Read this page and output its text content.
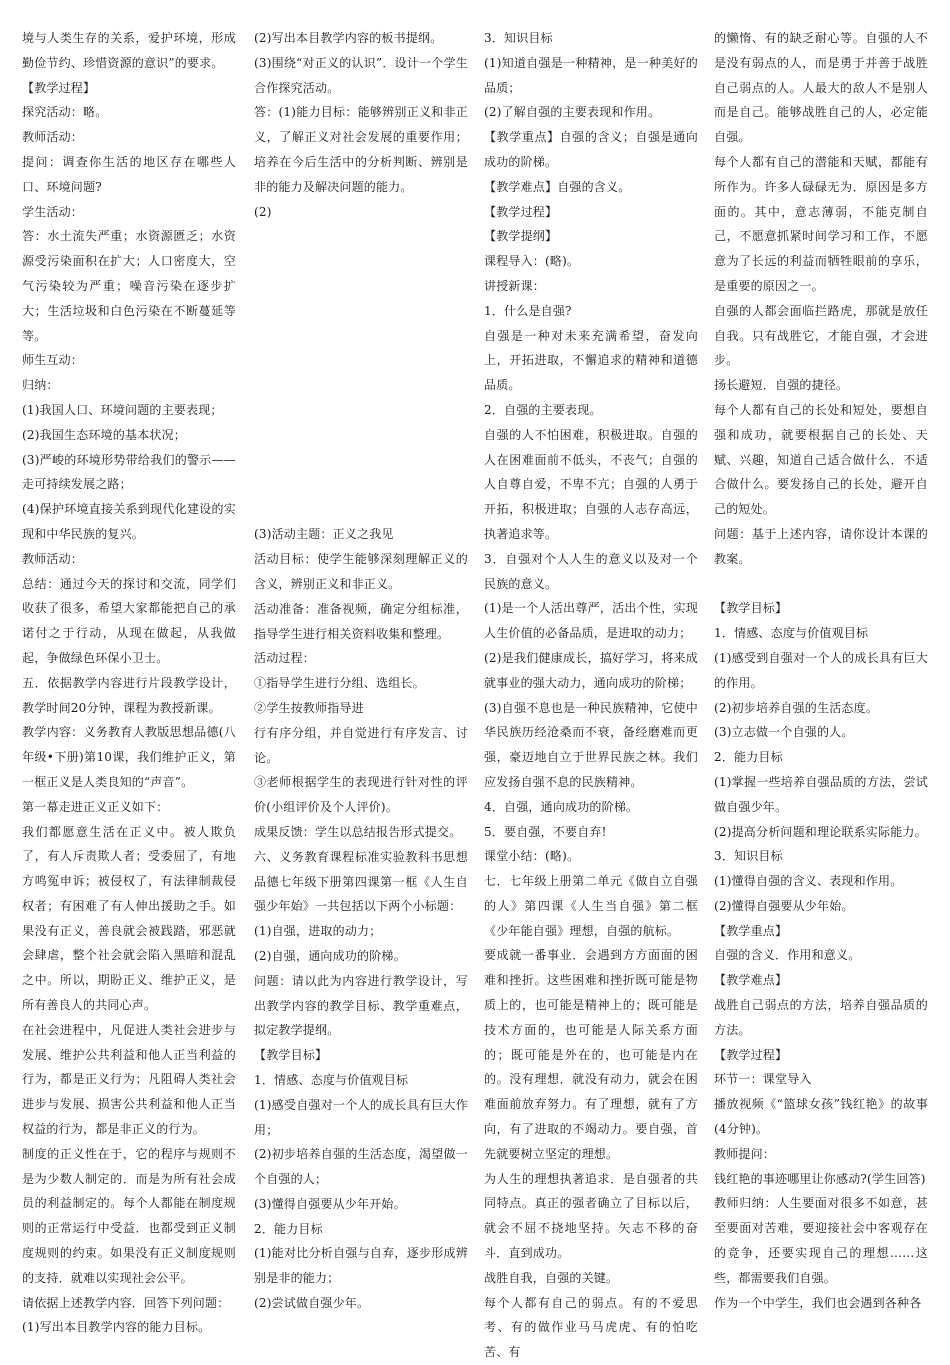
境与人类生存的关系，爱护环境，形成勤俭节约、珍惜资源的意识”的要求。

【教学过程】

探究活动：略。

教师活动：

提问：调查你生活的地区存在哪些人口、环境问题?

学生活动：

答：水土流失严重；水资源匮乏；水资源受污染面积在扩大；人口密度大，空气污染较为严重；噪音污染在逐步扩大；生活垃圾和白色污染在不断蔓延等等。

师生互动：

归纳：

(1)我国人口、环境问题的主要表现；

(2)我国生态环境的基本状况；

(3)严峻的环境形势带给我们的警示——走可持续发展之路；

(4)保护环境直接关系到现代化建设的实现和中华民族的复兴。

教师活动：

总结：通过今天的探讨和交流，同学们收获了很多，希望大家都能把自己的承诺付之于行动，从现在做起，从我做起，争做绿色环保小卫士。

五．依据教学内容进行片段教学设计，教学时间20分钟，课程为教授新课。

教学内容：义务教育人教版思想品德(八年级•下册)第10课，我们维护正义，第一框正义是人类良知的“声音”。

第一幕走进正义正义如下：

我们都愿意生活在正义中。被人欺负了，有人斥责欺人者；受委屈了，有地方鸣冤申诉；被侵权了，有法律制裁侵权者；有困难了有人伸出援助之手。如果没有正义，善良就会被践踏，邪恶就会肆虐，整个社会就会陷入黑暗和混乱之中。所以，期盼正义、维护正义，是所有善良人的共同心声。

在社会进程中，凡促进人类社会进步与发展、维护公共利益和他人正当利益的行为，都是正义行为；凡阻碍人类社会进步与发展、损害公共利益和他人正当权益的行为，都是非正义的行为。

制度的正义性在于，它的程序与规则不是为少数人制定的．而是为所有社会成员的利益制定的。每个人都能在制度规则的正常运行中受益．也都受到正义制度规则的约束。如果没有正义制度规则的支持．就难以实现社会公平。

请依据上述教学内容．回答下列问题：

(1)写出本目教学内容的能力目标。

(2)写出本目教学内容的板书提纲。

(3)围绕“对正义的认识”．设计一个学生合作探究活动。

答：(1)能力目标：能够辨别正义和非正义，了解正义对社会发展的重要作用；培养在今后生活中的分析判断、辨别是非的能力及解决问题的能力。

(2)

(3)活动主题：正义之我见

活动目标：使学生能够深刻理解正义的含义，辨别正义和非正义。

活动准备：准备视频，确定分组标准，指导学生进行相关资料收集和整理。

活动过程：

①指导学生进行分组、选组长。

②学生按教师指导进

行有序分组，并自觉进行有序发言、讨论。

③老师根据学生的表现进行针对性的评价(小组评价及个人评价)。

成果反馈：学生以总结报告形式提交。

六、义务教育课程标准实验教科书思想品德七年级下册第四课第一框《人生自强少年始》一共包括以下两个小标题：

(1)自强，进取的动力；

(2)自强，通向成功的阶梯。

问题：请以此为内容进行教学设计，写出教学内容的教学目标、教学重难点，拟定教学提纲。

【教学目标】

1．情感、态度与价值观目标

(1)感受自强对一个人的成长具有巨大作用；

(2)初步培养自强的生活态度，渴望做一个自强的人；

(3)懂得自强要从少年开始。

2．能力目标

(1)能对比分析自强与自弃，逐步形成辨别是非的能力；

(2)尝试做自强少年。

3．知识目标

(1)知道自强是一种精神，是一种美好的品质；

(2)了解自强的主要表现和作用。

【教学重点】自强的含义；自强是通向成功的阶梯。

【教学难点】自强的含义。

【教学过程】

【教学提纲】

课程导入：(略)。

讲授新课：

1．什么是自强?

自强是一种对未来充满希望，奋发向上，开拓进取，不懈追求的精神和道德品质。

2．自强的主要表现。

自强的人不怕困难，积极进取。自强的人在困难面前不低头，不丧气；自强的人自尊自爱，不卑不亢；自强的人勇于开拓，积极进取；自强的人志存高远，执著追求等。

3．自强对个人人生的意义以及对一个民族的意义。

(1)是一个人活出尊严，活出个性，实现人生价值的必备品质，是进取的动力；

(2)是我们健康成长，搞好学习，将来成就事业的强大动力，通向成功的阶梯；

(3)自强不息也是一种民族精神，它使中华民族历经沧桑而不衰，备经磨难而更强，豪迈地自立于世界民族之林。我们应发扬自强不息的民族精神。

4．自强，通向成功的阶梯。

5．要自强，不要自弃!

课堂小结：(略)。

七．七年级上册第二单元《做自立自强的人》第四课《人生当自强》第二框《少年能自强》理想，自强的航标。

要成就一番事业．会遇到方方面面的困难和挫折。这些困难和挫折既可能是物质上的，也可能是精神上的；既可能是技术方面的，也可能是人际关系方面的；既可能是外在的，也可能是内在的。没有理想．就没有动力，就会在困难面前放弃努力。有了理想，就有了方向，有了进取的不竭动力。要自强，首先就要树立坚定的理想。

为人生的理想执著追求．是自强者的共同特点。真正的强者确立了目标以后，就会不屈不挠地坚持。矢志不移的奋斗．直到成功。

战胜自我，自强的关键。

每个人都有自己的弱点。有的不爱思考、有的做作业马马虎虎、有的怕吃苦、有

的懒惰、有的缺乏耐心等。自强的人不是没有弱点的人，而是勇于并善于战胜自己弱点的人。人最大的敌人不是别人而是自己。能够战胜自己的人，必定能自强。

每个人都有自己的潜能和天赋，都能有所作为。许多人碌碌无为．原因是多方面的。其中，意志薄弱，不能克制自己，不愿意抓紧时间学习和工作，不愿意为了长远的利益而牺牲眼前的享乐，是重要的原因之一。

自强的人都会面临拦路虎，那就是放任自我。只有战胜它，才能自强，才会进步。

扬长避短．自强的捷径。

每个人都有自己的长处和短处，要想自强和成功，就要根据自己的长处、天赋、兴趣，知道自己适合做什么．不适合做什么。要发扬自己的长处，避开自己的短处。

问题：基于上述内容，请你设计本课的教案。

【教学目标】

1．情感、态度与价值观目标

(1)感受到自强对一个人的成长具有巨大的作用。

(2)初步培养自强的生活态度。

(3)立志做一个自强的人。

2．能力目标

(1)掌握一些培养自强品质的方法，尝试做自强少年。

(2)提高分析问题和理论联系实际能力。

3．知识目标

(1)懂得自强的含义、表现和作用。

(2)懂得自强要从少年始。

【教学重点】

自强的含义．作用和意义。

【教学难点】

战胜自己弱点的方法，培养自强品质的方法。

【教学过程】

环节一：课堂导入

播放视频《“篮球女孩”钱红艳》的故事(4分钟)。

教师提问：

钱红艳的事迹哪里让你感动?(学生回答)

教师归纳：人生要面对很多不如意，甚至要面对苦难，要迎接社会中客观存在的竞争，还要实现自己的理想……这些，都需要我们自强。

作为一个中学生，我们也会遇到各种各
